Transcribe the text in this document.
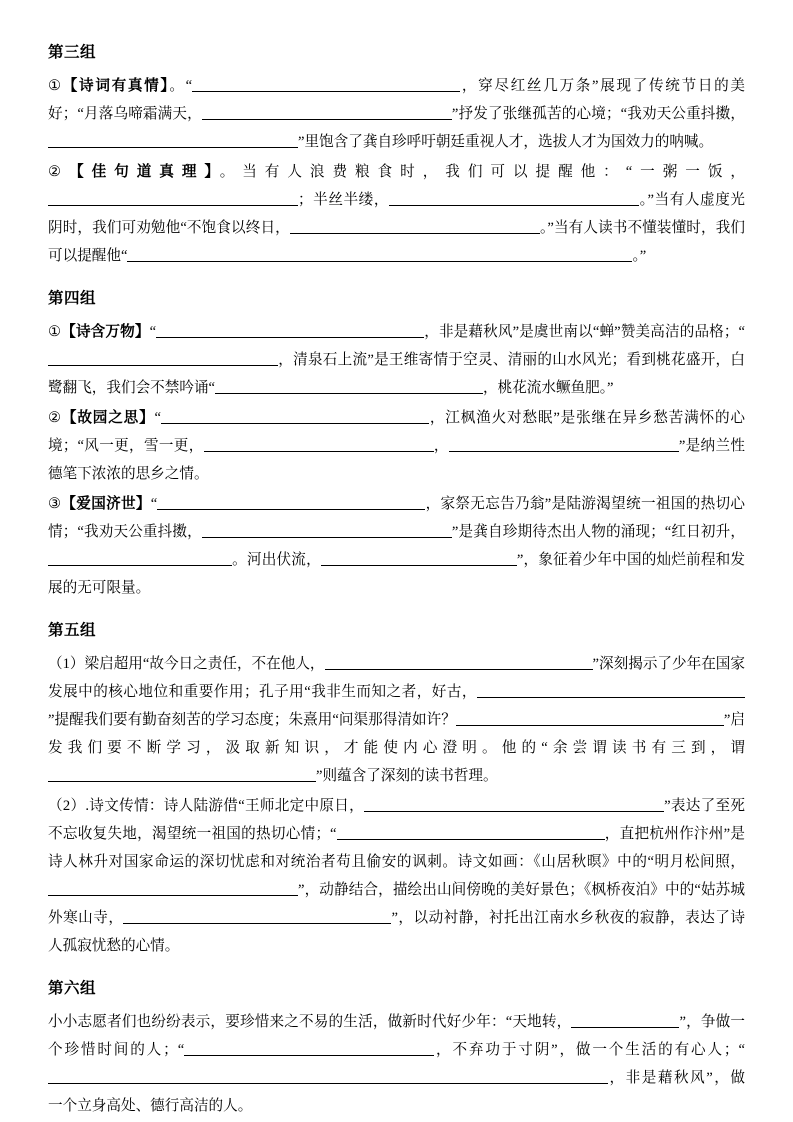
第三组

①【诗词有真情】。“	，穿尽红丝几万条”展现了传统节日的美好；“月落乌啼霜满天，	”抒发了张继孤苦的心境；“我劝天公重抖擞，”里饱含了龚自珍呼吁朝廷重视人才，选拔人才为国效力的呐喊。

②【佳句道真理】。当有人浪费粮食时，我们可以提醒他：“一粥一饭，；半丝半缕，	。”当有人虚度光阴时，我们可劝勉他“不饱食以终日，	。”当有人读书不懂装懂时，我们可以提醒他“	。”

第四组

①【诗含万物】“	，非是藉秋风”是虞世南以“蝉”赞美高洁的品格；“，清泉石上流”是王维寄情于空灵、清丽的山水风光；看到桃花盛开，白鹭翻飞，我们会不禁吟诵“	，桃花流水鳜鱼肥。”

②【故园之思】“	，江枫渔火对愁眠”是张继在异乡愁苦满怀的心境；“风一更，雪一更，	，	”是纳兰性德笔下浓浓的思乡之情。

③【爱国济世】“	，家祭无忘告乃翁”是陆游渴望统一祖国的热切心情；“我劝天公重抖擞，	”是龚自珍期待杰出人物的涌现；“红日初升，。河出伏流，	”，象征着少年中国的灿烂前程和发展的无可限量。

第五组

（1）梁启超用“故今日之责任，不在他人，	”深刻揭示了少年在国家发展中的核心地位和重要作用；孔子用“我非生而知之者，好古，”提醒我们要有勤奋刻苦的学习态度；朱熹用“问渠那得清如许？	”启发我们要不断学习，汲取新知识，才能使内心澄明。他的“余尝谓读书有三到，谓”则蕴含了深刻的读书哲理。

（2）.诗文传情：诗人陆游借“王师北定中原日，	”表达了至死不忘收复失地，渴望统一祖国的热切心情；“	，直把杭州作汴州”是诗人林升对国家命运的深切忧虑和对统治者苟且偷安的讽刺。诗文如画：《山居秋暝》中的“明月松间照，”，动静结合，描绘出山间傍晚的美好景色；《枫桥夜泊》中的“姑苏城外寒山寺，	”，以动衬静，衬托出江南水乡秋夜的寂静，表达了诗人孤寂忧愁的心情。

第六组

小小志愿者们也纷纷表示，要珍惜来之不易的生活，做新时代好少年：“天地转，	”，争做一个珍惜时间的人；“	，不弃功于寸阴”，做一个生活的有心人；“，非是藉秋风”，做一个立身高处、德行高洁的人。
